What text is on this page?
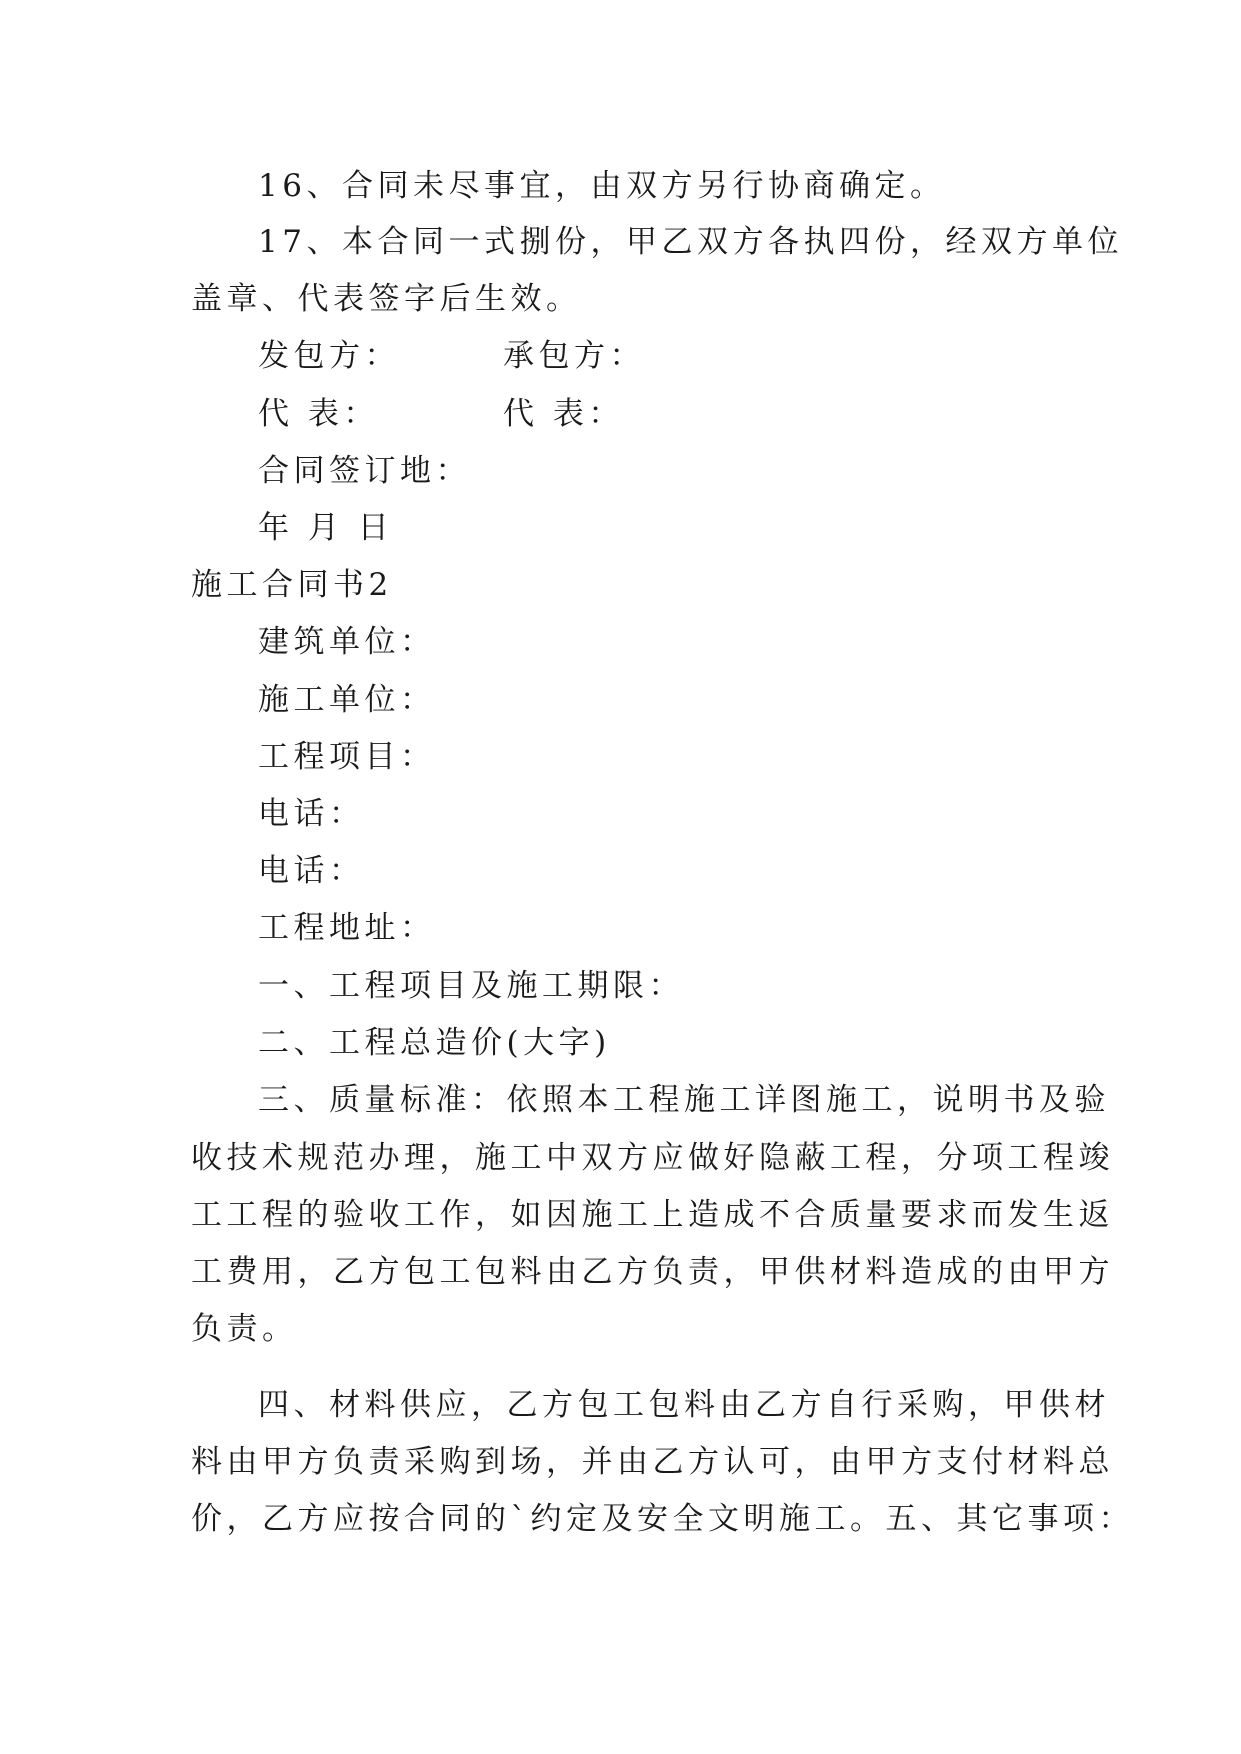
16、合同未尽事宜，由双方另行协商确定。
17、本合同一式捌份，甲乙双方各执四份，经双方单位
盖章、代表签字后生效。
发包方：	承包方：
代 表：	代 表：
合同签订地：
年 月 日
施工合同书2
建筑单位：
施工单位：
工程项目：
电话：
电话：
工程地址：
一、工程项目及施工期限：
二、工程总造价(大字)
三、质量标准：依照本工程施工详图施工，说明书及验
收技术规范办理，施工中双方应做好隐蔽工程，分项工程竣
工工程的验收工作，如因施工上造成不合质量要求而发生返
工费用，乙方包工包料由乙方负责，甲供材料造成的由甲方
负责。
四、材料供应，乙方包工包料由乙方自行采购，甲供材
料由甲方负责采购到场，并由乙方认可，由甲方支付材料总
价，乙方应按合同的`约定及安全文明施工。五、其它事项：
